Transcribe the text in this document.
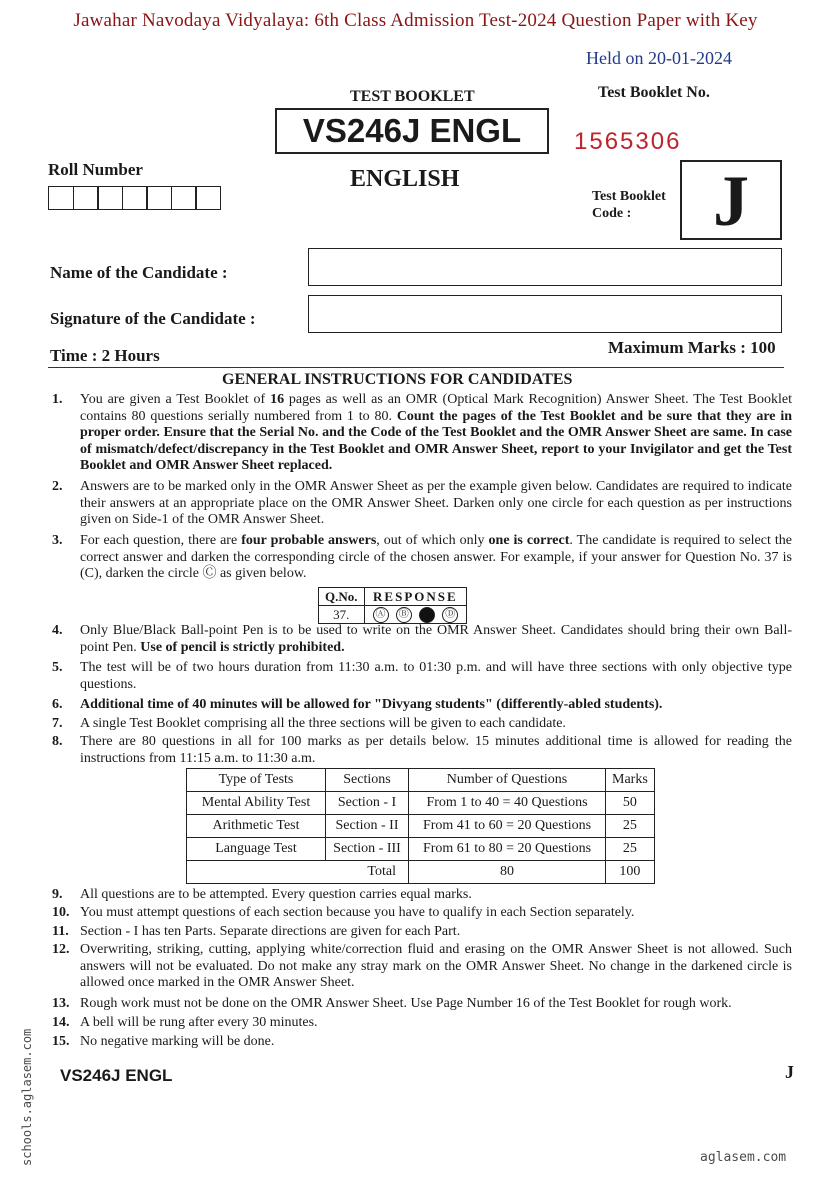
Jawahar Navodaya Vidyalaya: 6th Class Admission Test-2024 Question Paper with Key
Held on 20-01-2024
TEST BOOKLET	Test Booklet No.
VS246J ENGL	1565306
ENGLISH
Roll Number
Test Booklet
Code :	J
Name of the Candidate :
Signature of the Candidate :
Time : 2 Hours	Maximum Marks : 100
GENERAL INSTRUCTIONS FOR CANDIDATES
1. You are given a Test Booklet of 16 pages as well as an OMR (Optical Mark Recognition) Answer Sheet. The Test Booklet contains 80 questions serially numbered from 1 to 80. Count the pages of the Test Booklet and be sure that they are in proper order. Ensure that the Serial No. and the Code of the Test Booklet and the OMR Answer Sheet are same. In case of mismatch/defect/discrepancy in the Test Booklet and OMR Answer Sheet, report to your Invigilator and get the Test Booklet and OMR Answer Sheet replaced.
2. Answers are to be marked only in the OMR Answer Sheet as per the example given below. Candidates are required to indicate their answers at an appropriate place on the OMR Answer Sheet. Darken only one circle for each question as per instructions given on Side-1 of the OMR Answer Sheet.
3. For each question, there are four probable answers, out of which only one is correct. The candidate is required to select the correct answer and darken the corresponding circle of the chosen answer. For example, if your answer for Question No. 37 is (C), darken the circle Ⓒ as given below.
Q.No.	RESPONSE
37.	Ⓐ Ⓑ Ⓓ
4. Only Blue/Black Ball-point Pen is to be used to write on the OMR Answer Sheet. Candidates should bring their own Ball-point Pen. Use of pencil is strictly prohibited.
5. The test will be of two hours duration from 11:30 a.m. to 01:30 p.m. and will have three sections with only objective type questions.
6. Additional time of 40 minutes will be allowed for "Divyang students" (differently-abled students).
7. A single Test Booklet comprising all the three sections will be given to each candidate.
8. There are 80 questions in all for 100 marks as per details below. 15 minutes additional time is allowed for reading the instructions from 11:15 a.m. to 11:30 a.m.
Type of Tests	Sections	Number of Questions	Marks
Mental Ability Test	Section - I	From 1 to 40 = 40 Questions	50
Arithmetic Test	Section - II	From 41 to 60 = 20 Questions	25
Language Test	Section - III	From 61 to 80 = 20 Questions	25
Total		80	100
9. All questions are to be attempted. Every question carries equal marks.
10. You must attempt questions of each section because you have to qualify in each Section separately.
11. Section - I has ten Parts. Separate directions are given for each Part.
12. Overwriting, striking, cutting, applying white/correction fluid and erasing on the OMR Answer Sheet is not allowed. Such answers will not be evaluated. Do not make any stray mark on the OMR Answer Sheet. No change in the darkened circle is allowed once marked in the OMR Answer Sheet.
13. Rough work must not be done on the OMR Answer Sheet. Use Page Number 16 of the Test Booklet for rough work.
14. A bell will be rung after every 30 minutes.
15. No negative marking will be done.
VS246J ENGL	J
schools.aglasem.com	aglasem.com
